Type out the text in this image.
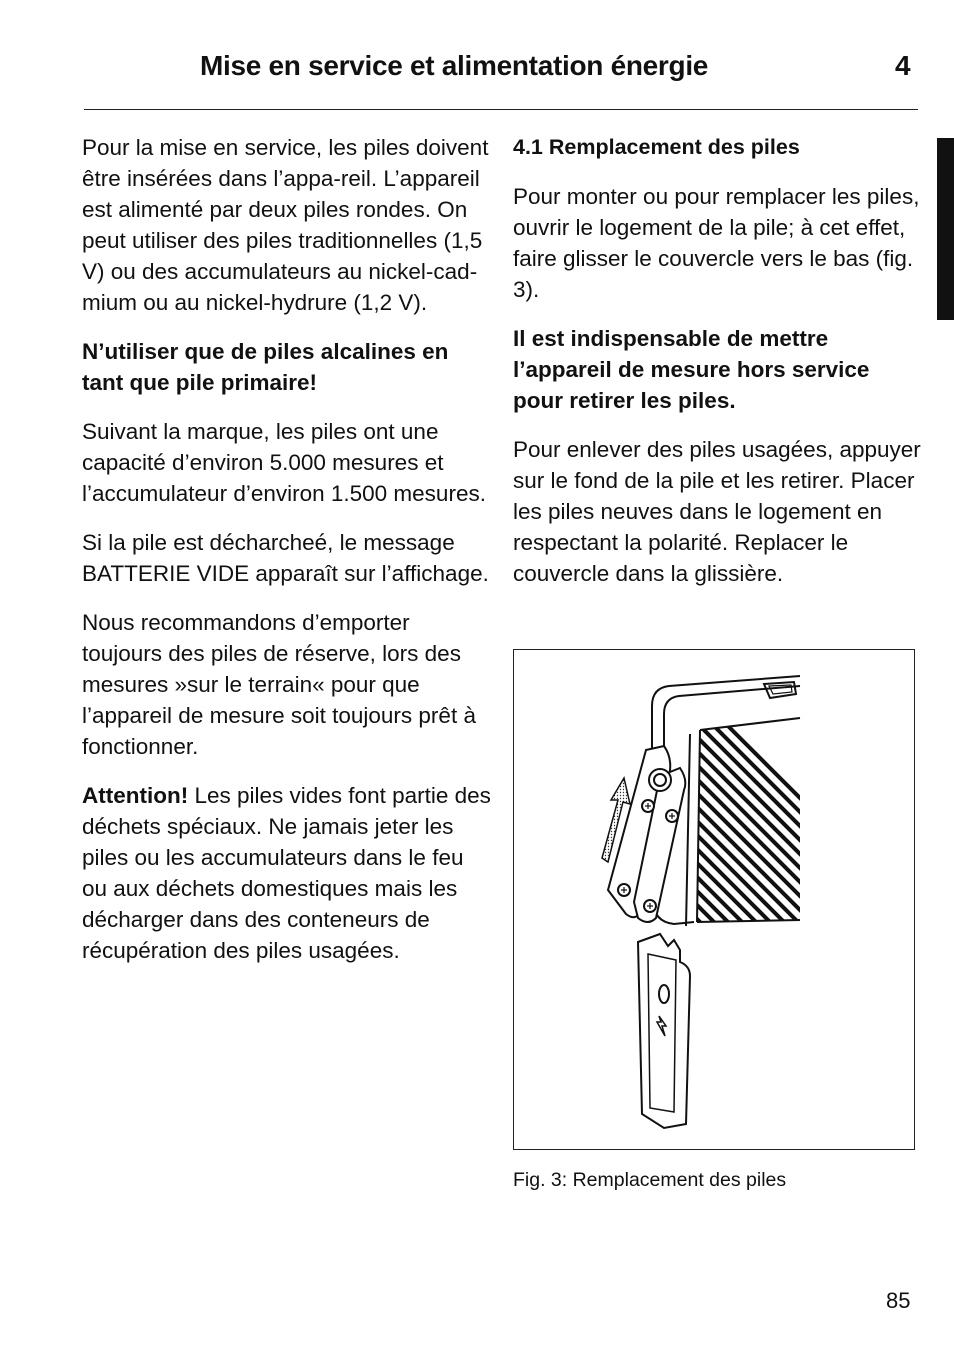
Mise en service et alimentation énergie	4

Pour la mise en service, les piles doivent être insérées dans l’appa-reil. L’appareil est alimenté par deux piles rondes. On peut utiliser des piles traditionnelles (1,5 V) ou des accumulateurs au nickel-cad-mium ou au nickel-hydrure (1,2 V).

N’utiliser que de piles alcalines en tant que pile primaire!

Suivant la marque, les piles ont une capacité d’environ 5.000 mesures et l’accumulateur d’environ 1.500 mesures.

Si la pile est décharcheé, le message BATTERIE VIDE apparaît sur l’affichage.

Nous recommandons d’emporter toujours des piles de réserve, lors des mesures »sur le terrain« pour que l’appareil de mesure soit toujours prêt à fonctionner.

Attention! Les piles vides font partie des déchets spéciaux. Ne jamais jeter les piles ou les accumulateurs dans le feu ou aux déchets domestiques mais les décharger dans des conteneurs de récupération des piles usagées.

4.1 Remplacement des piles

Pour monter ou pour remplacer les piles, ouvrir le logement de la pile; à cet effet, faire glisser le couvercle vers le bas (fig. 3).

Il est indispensable de mettre l’appareil de mesure hors service pour retirer les piles.

Pour enlever des piles usagées, appuyer sur le fond de la pile et les retirer. Placer les piles neuves dans le logement en respectant la polarité. Replacer le couvercle dans la glissière.

Fig. 3: Remplacement des piles
85
